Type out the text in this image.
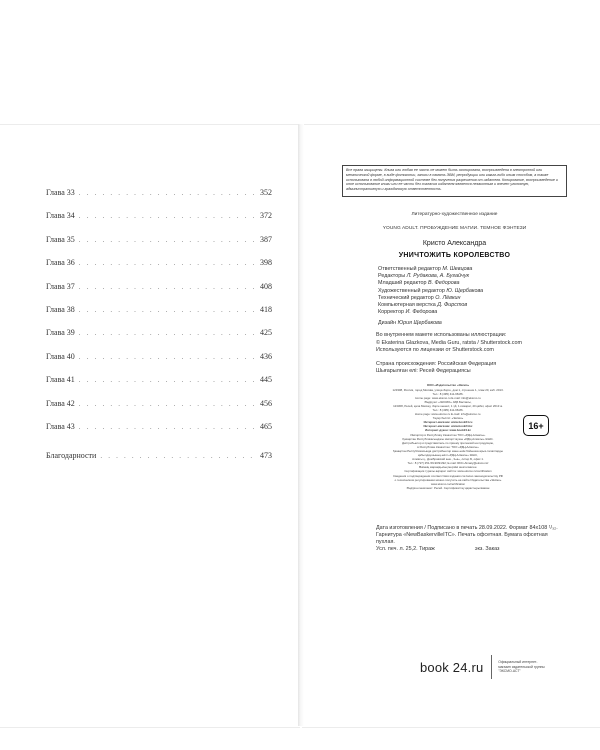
Глава 33 . . .	352
Глава 34 . . .	372
Глава 35 . . .	387
Глава 36 . . .	398
Глава 37 . . .	408
Глава 38 . . .	418
Глава 39 . . .	425
Глава 40 . . .	436
Глава 41 . . .	445
Глава 42 . . .	456
Глава 43 . . .	465
Благодарности . . .	473
Все права защищены. Книга или любая ее часть не может быть скопирована, воспроизведена в электронной или механической форме, в виде фотокопии, записи в память ЭВМ, репродукции или каким-либо иным способом, а также использована в любой информационной системе без получения разрешения от издателя. Копирование, воспроизведение и иное использование книги или ее части без согласия издателя является незаконным и влечет уголовную, административную и гражданскую ответственность.
Литературно-художественное издание
YOUNG ADULT. ПРОБУЖДЕНИЕ МАГИИ. ТЕМНОЕ ФЭНТЕЗИ
Кристо Александра
УНИЧТОЖИТЬ КОРОЛЕВСТВО
Ответственный редактор М. Шевцова
Редакторы Л. Рудакова, А. Бугайчук
Младший редактор В. Федорова
Художественный редактор Ю. Щербакова
Технический редактор О. Лёвкин
Компьютерная верстка Д. Фирстов
Корректор И. Федорова
Дизайн Юрия Щербакова
Во внутреннем макете использованы иллюстрации:
© Ekaterina Glazkova, Media Guru, ratsta / Shutterstock.com
Используются по лицензии от Shutterstock.com
Страна происхождения: Российская Федерация
Шығарылған елі: Ресей Федерациясы
ООО «Издательство «Эксмо»
123308, Россия, город Москва, улица Зорге, дом 1, строение 1, этаж 20, каб. 2013.
Тел.: 8 (495) 411-68-86.
Home page: www.eksmo.ru E-mail: info@eksmo.ru
Өндіруші: «ЭКСМО» АҚБ Баспасы,
123308, Ресей, қала Мәскеу, Зорге көшесі, 1 үй, 1 ғимарат, 20 қабат, офис 2013 ж.
Тел.: 8 (495) 411-68-86.
Home page: www.eksmo.ru E-mail: info@eksmo.ru.
Тауар белгісі: «Эксмо»
Интернет-магазин: www.book24.ru
Интернет-магазин: www.book24.kz
Интернет-дүкен: www.book24.kz
Импортёр в Республику Казахстан ТОО «РДЦ-Алматы».
Қазақстан Республикасындағы импорттаушы «РДЦ-Алматы» ЖШС.
Дистрибьютор и представитель по приему претензий на продукцию,
в Республике Казахстан: ТОО «РДЦ-Алматы»
Қазақстан Республикасында дистрибьютор және өнім бойынша арыз-талаптарды
қабылдаушының өкілі «РДЦ-Алматы» ЖШС,
Алматы қ., Домбровский көш., 3«а», литер Б, офис 1.
Тел.: 8 (727) 251-59-90/91/92; E-mail: RDC-Almaty@eksmo.kz
Өнімнің жарамдылық мерзімі шектелмеген.
Сертификация туралы ақпарат сайтта: www.eksmo.ru/certification
Сведения о подтверждении соответствия издания согласно законодательству РФ
о техническом регулировании можно получить на сайте Издательства «Эксмо»
www.eksmo.ru/certification
Өндірген мемлекет: Ресей. Сертификаттау қарастырылмаған
16+
Дата изготовления / Подписано в печать 28.09.2022. Формат 84х108 ¹/₃₂.
Гарнитура «NewBaskervilleITC». Печать офсетная. Бумага офсетная пухлая.
Усл. печ. л. 25,2. Тираж	экз. Заказ
book 24.ru	Официальный интернет-магазин издательской группы "ЭКСМО-АСТ"
